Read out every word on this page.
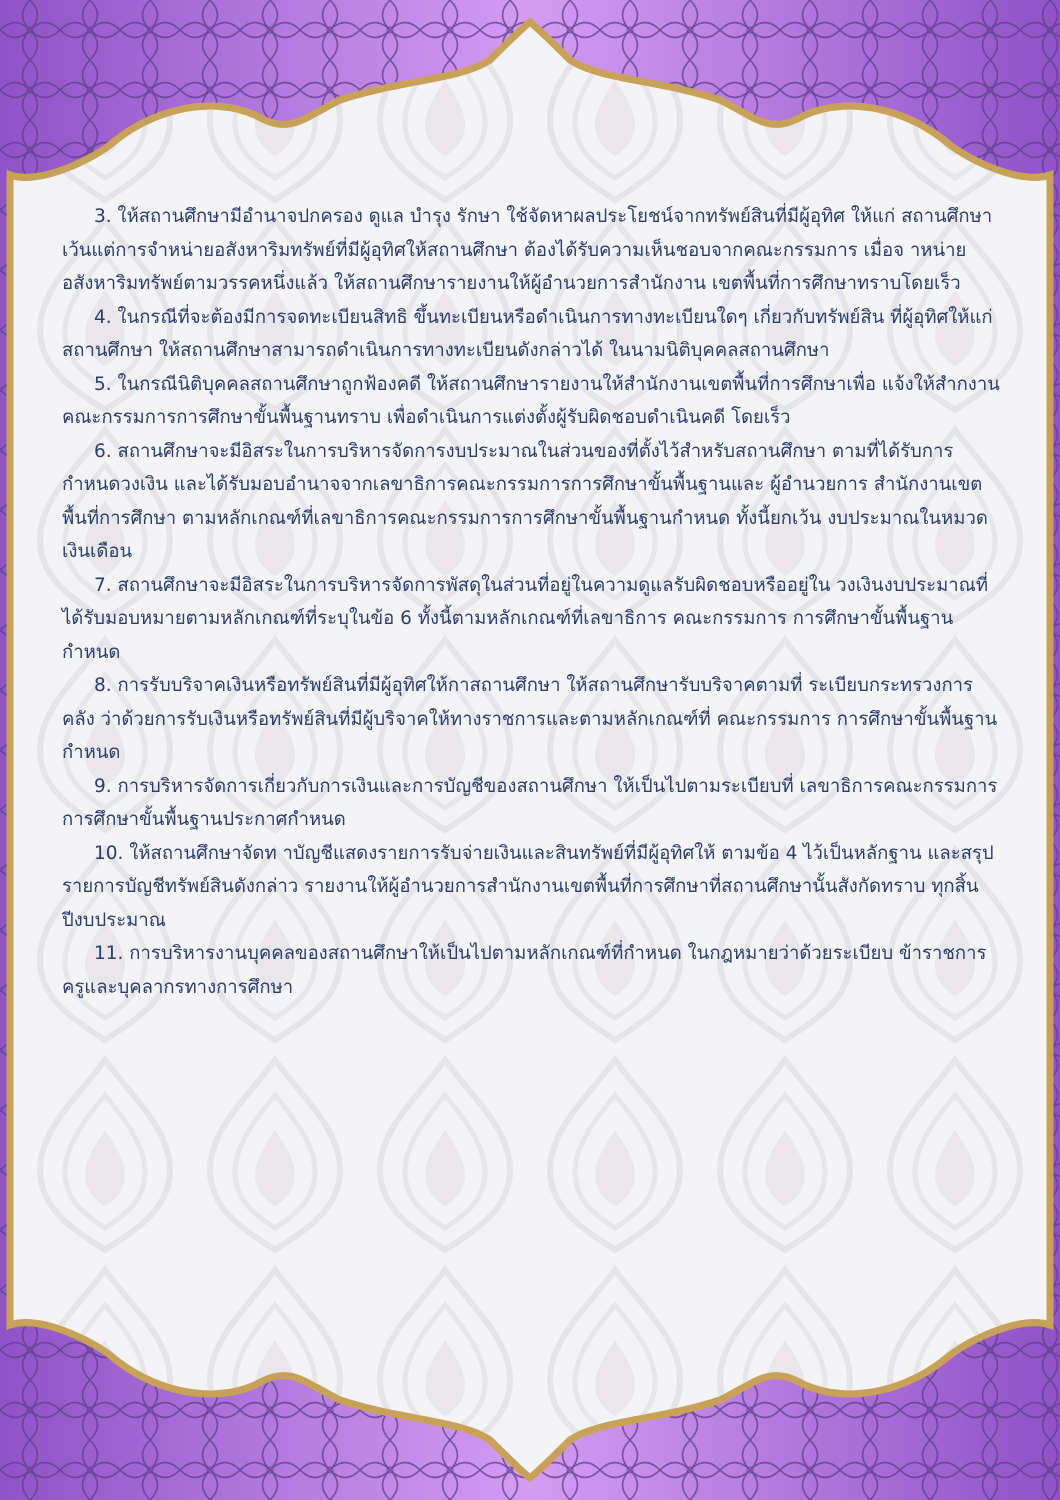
3. ให้สถานศึกษามีอำนาจปกครอง ดูแล บำรุง รักษา ใช้จัดหาผลประโยชน์จากทรัพย์สินที่มีผู้อุทิศ ให้แก่ สถานศึกษา เว้นแต่การจำหน่ายอสังหาริมทรัพย์ที่มีผู้อุทิศให้สถานศึกษา ต้องได้รับความเห็นชอบจากคณะกรรมการ เมื่อจ าหน่ายอสังหาริมทรัพย์ตามวรรคหนึ่งแล้ว ให้สถานศึกษารายงานให้ผู้อำนวยการสำนักงาน เขตพื้นที่การศึกษาทราบโดยเร็ว

4. ในกรณีที่จะต้องมีการจดทะเบียนสิทธิ ขึ้นทะเบียนหรือดำเนินการทางทะเบียนใดๆ เกี่ยวกับทรัพย์สิน ที่ผู้อุทิศให้แก่สถานศึกษา ให้สถานศึกษาสามารถดำเนินการทางทะเบียนดังกล่าวได้ ในนามนิติบุคคลสถานศึกษา

5. ในกรณีนิติบุคคลสถานศึกษาถูกฟ้องคดี ให้สถานศึกษารายงานให้สำนักงานเขตพื้นที่การศึกษาเพื่อ แจ้งให้สำกงานคณะกรรมการการศึกษาขั้นพื้นฐานทราบ เพื่อดำเนินการแต่งตั้งผู้รับผิดชอบดำเนินคดี โดยเร็ว

6. สถานศึกษาจะมีอิสระในการบริหารจัดการงบประมาณในส่วนของที่ตั้งไว้สำหรับสถานศึกษา ตามที่ได้รับการกำหนดวงเงิน และได้รับมอบอำนาจจากเลขาธิการคณะกรรมการการศึกษาขั้นพื้นฐานและ ผู้อำนวยการ สำนักงานเขตพื้นที่การศึกษา ตามหลักเกณฑ์ที่เลขาธิการคณะกรรมการการศึกษาขั้นพื้นฐานกำหนด ทั้งนี้ยกเว้น งบประมาณในหมวดเงินเดือน

7. สถานศึกษาจะมีอิสระในการบริหารจัดการพัสดุในส่วนที่อยู่ในความดูแลรับผิดชอบหรืออยู่ใน วงเงินงบประมาณที่ได้รับมอบหมายตามหลักเกณฑ์ที่ระบุในข้อ 6 ทั้งนี้ตามหลักเกณฑ์ที่เลขาธิการ คณะกรรมการ การศึกษาขั้นพื้นฐานกำหนด

8. การรับบริจาคเงินหรือทรัพย์สินที่มีผู้อุทิศให้กาสถานศึกษา ให้สถานศึกษารับบริจาคตามที่ ระเบียบกระทรวงการคลัง ว่าด้วยการรับเงินหรือทรัพย์สินที่มีผู้บริจาคให้ทางราชการและตามหลักเกณฑ์ที่ คณะกรรมการ การศึกษาขั้นพื้นฐานกำหนด

9. การบริหารจัดการเกี่ยวกับการเงินและการบัญชีของสถานศึกษา ให้เป็นไปตามระเบียบที่ เลขาธิการคณะกรรมการการศึกษาขั้นพื้นฐานประกาศกำหนด

10. ให้สถานศึกษาจัดท าบัญชีแสดงรายการรับจ่ายเงินและสินทรัพย์ที่มีผู้อุทิศให้ ตามข้อ 4 ไว้เป็นหลักฐาน และสรุปรายการบัญชีทรัพย์สินดังกล่าว รายงานให้ผู้อำนวยการสำนักงานเขตพื้นที่การศึกษาที่สถานศึกษานั้นสังกัดทราบ ทุกสิ้นปีงบประมาณ

11. การบริหารงานบุคคลของสถานศึกษาให้เป็นไปตามหลักเกณฑ์ที่กำหนด ในกฎหมายว่าด้วยระเบียบ ข้าราชการครูและบุคลากรทางการศึกษา
